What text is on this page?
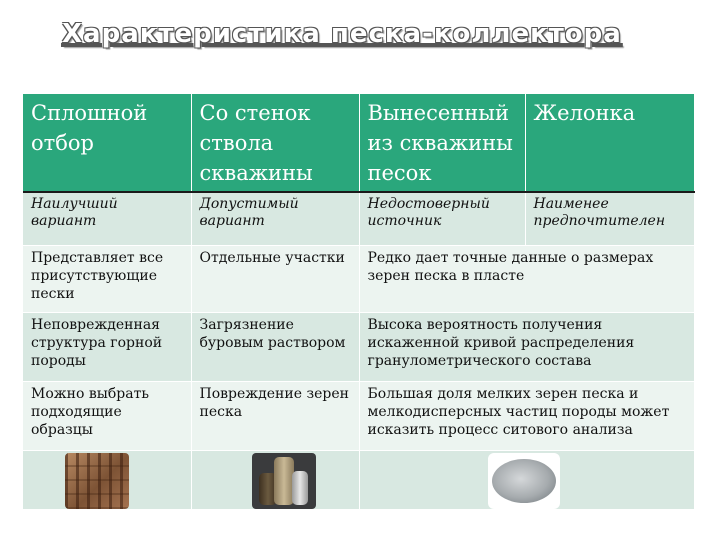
Характеристика песка-коллектора
Сплошной отбор	Со стенок ствола скважины	Вынесенный из скважины песок	Желонка
Наилучший вариант	Допустимый вариант	Недостоверный источник	Наименее предпочтителен
Представляет все присутствующие пески	Отдельные участки	Редко дает точные данные о размерах зерен песка в пласте	
Неповрежденная структура горной породы	Загрязнение буровым раствором	Высока вероятность получения искаженной кривой распределения гранулометрического состава	
Можно выбрать подходящие образцы	Повреждение зерен песка	Большая доля мелких зерен песка и мелкодисперсных частиц породы может исказить процесс ситового анализа	
